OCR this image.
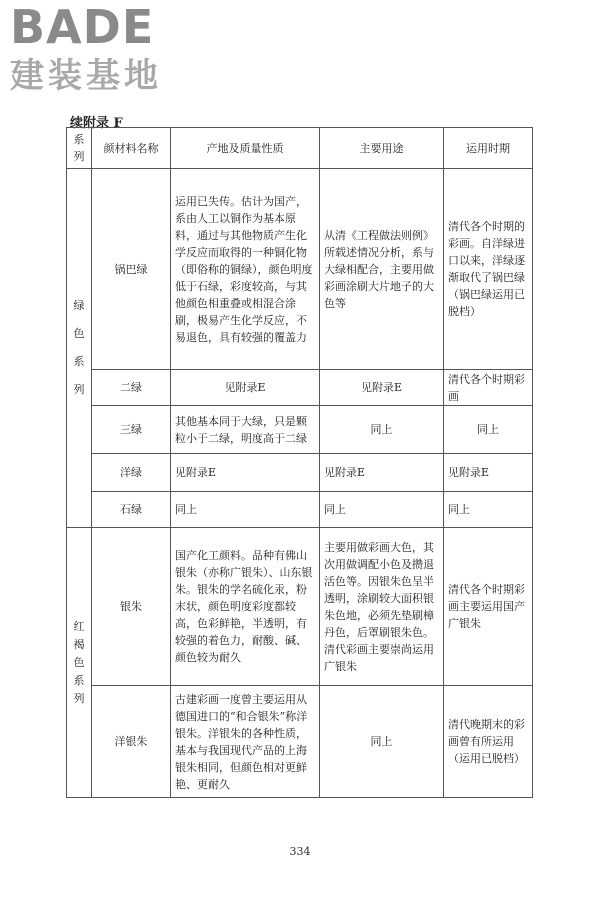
BADE
建装基地
续附录 F
系
列	颜材料名称	产地及质量性质	主要用途	运用时期
绿
色
系
列	锅巴绿	运用已失传。估计为国产，系由人工以铜作为基本原料，通过与其他物质产生化学反应而取得的一种铜化物（即俗称的铜绿），颜色明度低于石绿，彩度较高，与其他颜色相重叠或相混合涂刷，极易产生化学反应，不易退色，具有较强的覆盖力	从清《工程做法则例》所载述情况分析，系与大绿相配合，主要用做彩画涂刷大片地子的大色等	清代各个时期的彩画。自洋绿进口以来，洋绿逐渐取代了锅巴绿（锅巴绿运用已脱档）
	二绿	见附录E	见附录E	清代各个时期彩画
	三绿	其他基本同于大绿，只是颗粒小于二绿，明度高于二绿	同上	同上
	洋绿	见附录E	见附录E	见附录E
	石绿	同上	同上	同上
红
褐
色
系
列	银朱	国产化工颜料。品种有佛山银朱（亦称广银朱）、山东银朱。银朱的学名硫化汞，粉末状，颜色明度彩度都较高，色彩鲜艳，半透明，有较强的着色力，耐酸、碱、颜色较为耐久	主要用做彩画大色，其次用做调配小色及攒退活色等。因银朱色呈半透明，涂刷较大面积银朱色地，必须先垫刷樟丹色，后罩刷银朱色。清代彩画主要崇尚运用广银朱	清代各个时期彩画主要运用国产广银朱
	洋银朱	古建彩画一度曾主要运用从德国进口的“和合银朱”称洋银朱。洋银朱的各种性质，基本与我国现代产品的上海银朱相同，但颜色相对更鲜艳、更耐久	同上	清代晚期末的彩画曾有所运用（运用已脱档）
334
